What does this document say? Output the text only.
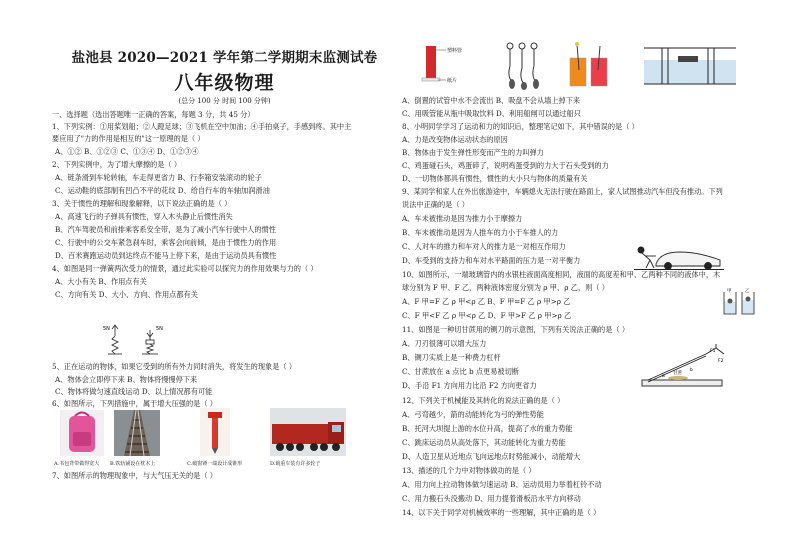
盐池县 2020—2021 学年第二学期期末监测试卷
八年级物理
(总分 100 分 时间 100 分钟)
一、选择题（选出答题唯一正确的答案，每题 3 分，共 45 分）
1、下列实例：①用桨划船；②人蹬足球；③飞机在空中加油；④手拍桌子，手感到疼。其中主
要应用了"力的作用是相互的"这一原理的是（ ）
A、①② B、①②③ C、①③④ D、①②③④
2、下列实例中，为了增大摩擦的是（ ）
A、链条滑到车轮转轴，车走得更省力 B、行李箱安装滚动的轮子
C、运动鞋的底部制有凹凸不平的花纹 D、给自行车的车轴加润滑油
3、关于惯性的理解和现象解释，以下说法正确的是（ ）
A、高速飞行的子弹具有惯性，穿入木头静止后惯性消失
B、汽车驾驶员和前排乘客系安全带，是为了减小汽车行驶中人的惯性
C、行驶中的公交车紧急刹车时，乘客会向前倾，是由于惯性力的作用
D、百米赛跑运动员到达终点不能马上停下来，是由于运动员具有惯性
4、如图是同一弹簧两次受力的情景，通过此实验可以探究力的作用效果与力的（ ）
A、大小有关 B、作用点有关
C、方向有关 D、大小、方向、作用点都有关
5N	5N
5、正在运动的物体，如果它受到的所有外力同时消失，将发生的现象是（ ）
A、物体会立即停下来 B、物体将慢慢停下来
C、物体将做匀速直线运动 D、以上情况都有可能
6、如图所示，下列措施中，属于增大压强的是（ ）
A.书包背带做得宽大 B.铁轨铺设在枕木上	C.破窗锤一端设计成锥形	D.载重车装有许多轮子
7、如图所示的物理现象中，与大气压无关的是（ ）
塑料管
纸片
A、倒置的试管中水不会流出 B、吸盘不会从墙上掉下来
C、用吸管能从瓶中吸取饮料 D、利用船闸可以通过船只
8、小明同学学习了运动和力的知识后，整理笔记如下，其中错误的是（ ）
A、力是改变物体运动状态的原因
B、物体由于发生弹性形变而产生的力叫弹力
C、鸡蛋碰石头，鸡蛋碎了，说明鸡蛋受到的力大于石头受到的力
D、一切物体都具有惯性，惯性的大小只与物体的质量有关
9、某同学和家人在外出旅游途中，车辆熄火无法行驶在路面上，家人试图推动汽车但没有推动。下列
说法中正确的是（ ）
A、车未被推动是因为推力小于摩擦力
B、车未被推动是因为人推车的力小于车推人的力
C、人对车的推力和车对人的推力是一对相互作用力
D、车受到的支持力和车对水平路面的压力是一对平衡力
10、如图所示，一端玻璃管内的水银柱液面高度相同，液面的高度差和甲、乙两种不同的液体中，木
球分别为 F 甲、F 乙，两种液体密度分别为 ρ 甲、ρ 乙，则（ ）
A、F 甲=F 乙 ρ 甲<ρ 乙 B、F 甲=F 乙 ρ 甲>ρ 乙
C、F 甲<F 乙 ρ 甲<ρ 乙 D、F 甲>F 乙 ρ 甲>ρ 乙
甲	乙
11、如图是一种切甘蔗用的铡刀的示意图，下列有关说法正确的是（ ）
A、刀刃很薄可以增大压力
B、铡刀实质上是一种费力杠杆
C、甘蔗放在 a 点比 b 点更易被切断
D、手沿 F1 方向用力比沿 F2 方向更省力
甘蔗
a
b
F1
F2
12、下列关于机械能及其转化的说法正确的是（ ）
A、弓弯越少，箭的动能转化为弓的弹性势能
B、托河大坝提上游的水位升高，提高了水的重力势能
C、跳床运动员从高处落下，其动能转化为重力势能
D、人造卫星从近地点飞向远地点时势能减小，动能增大
13、描述的几个力中对物体做功的是（ ）
A、用力向上拉动物体做匀速运动 B、运动员用力举着杠铃不动
C、用力搬石头没搬动 D、用力提着滑板沿水平方向移动
14、以下关于同学对机械效率的一些理解，其中正确的是（ ）
